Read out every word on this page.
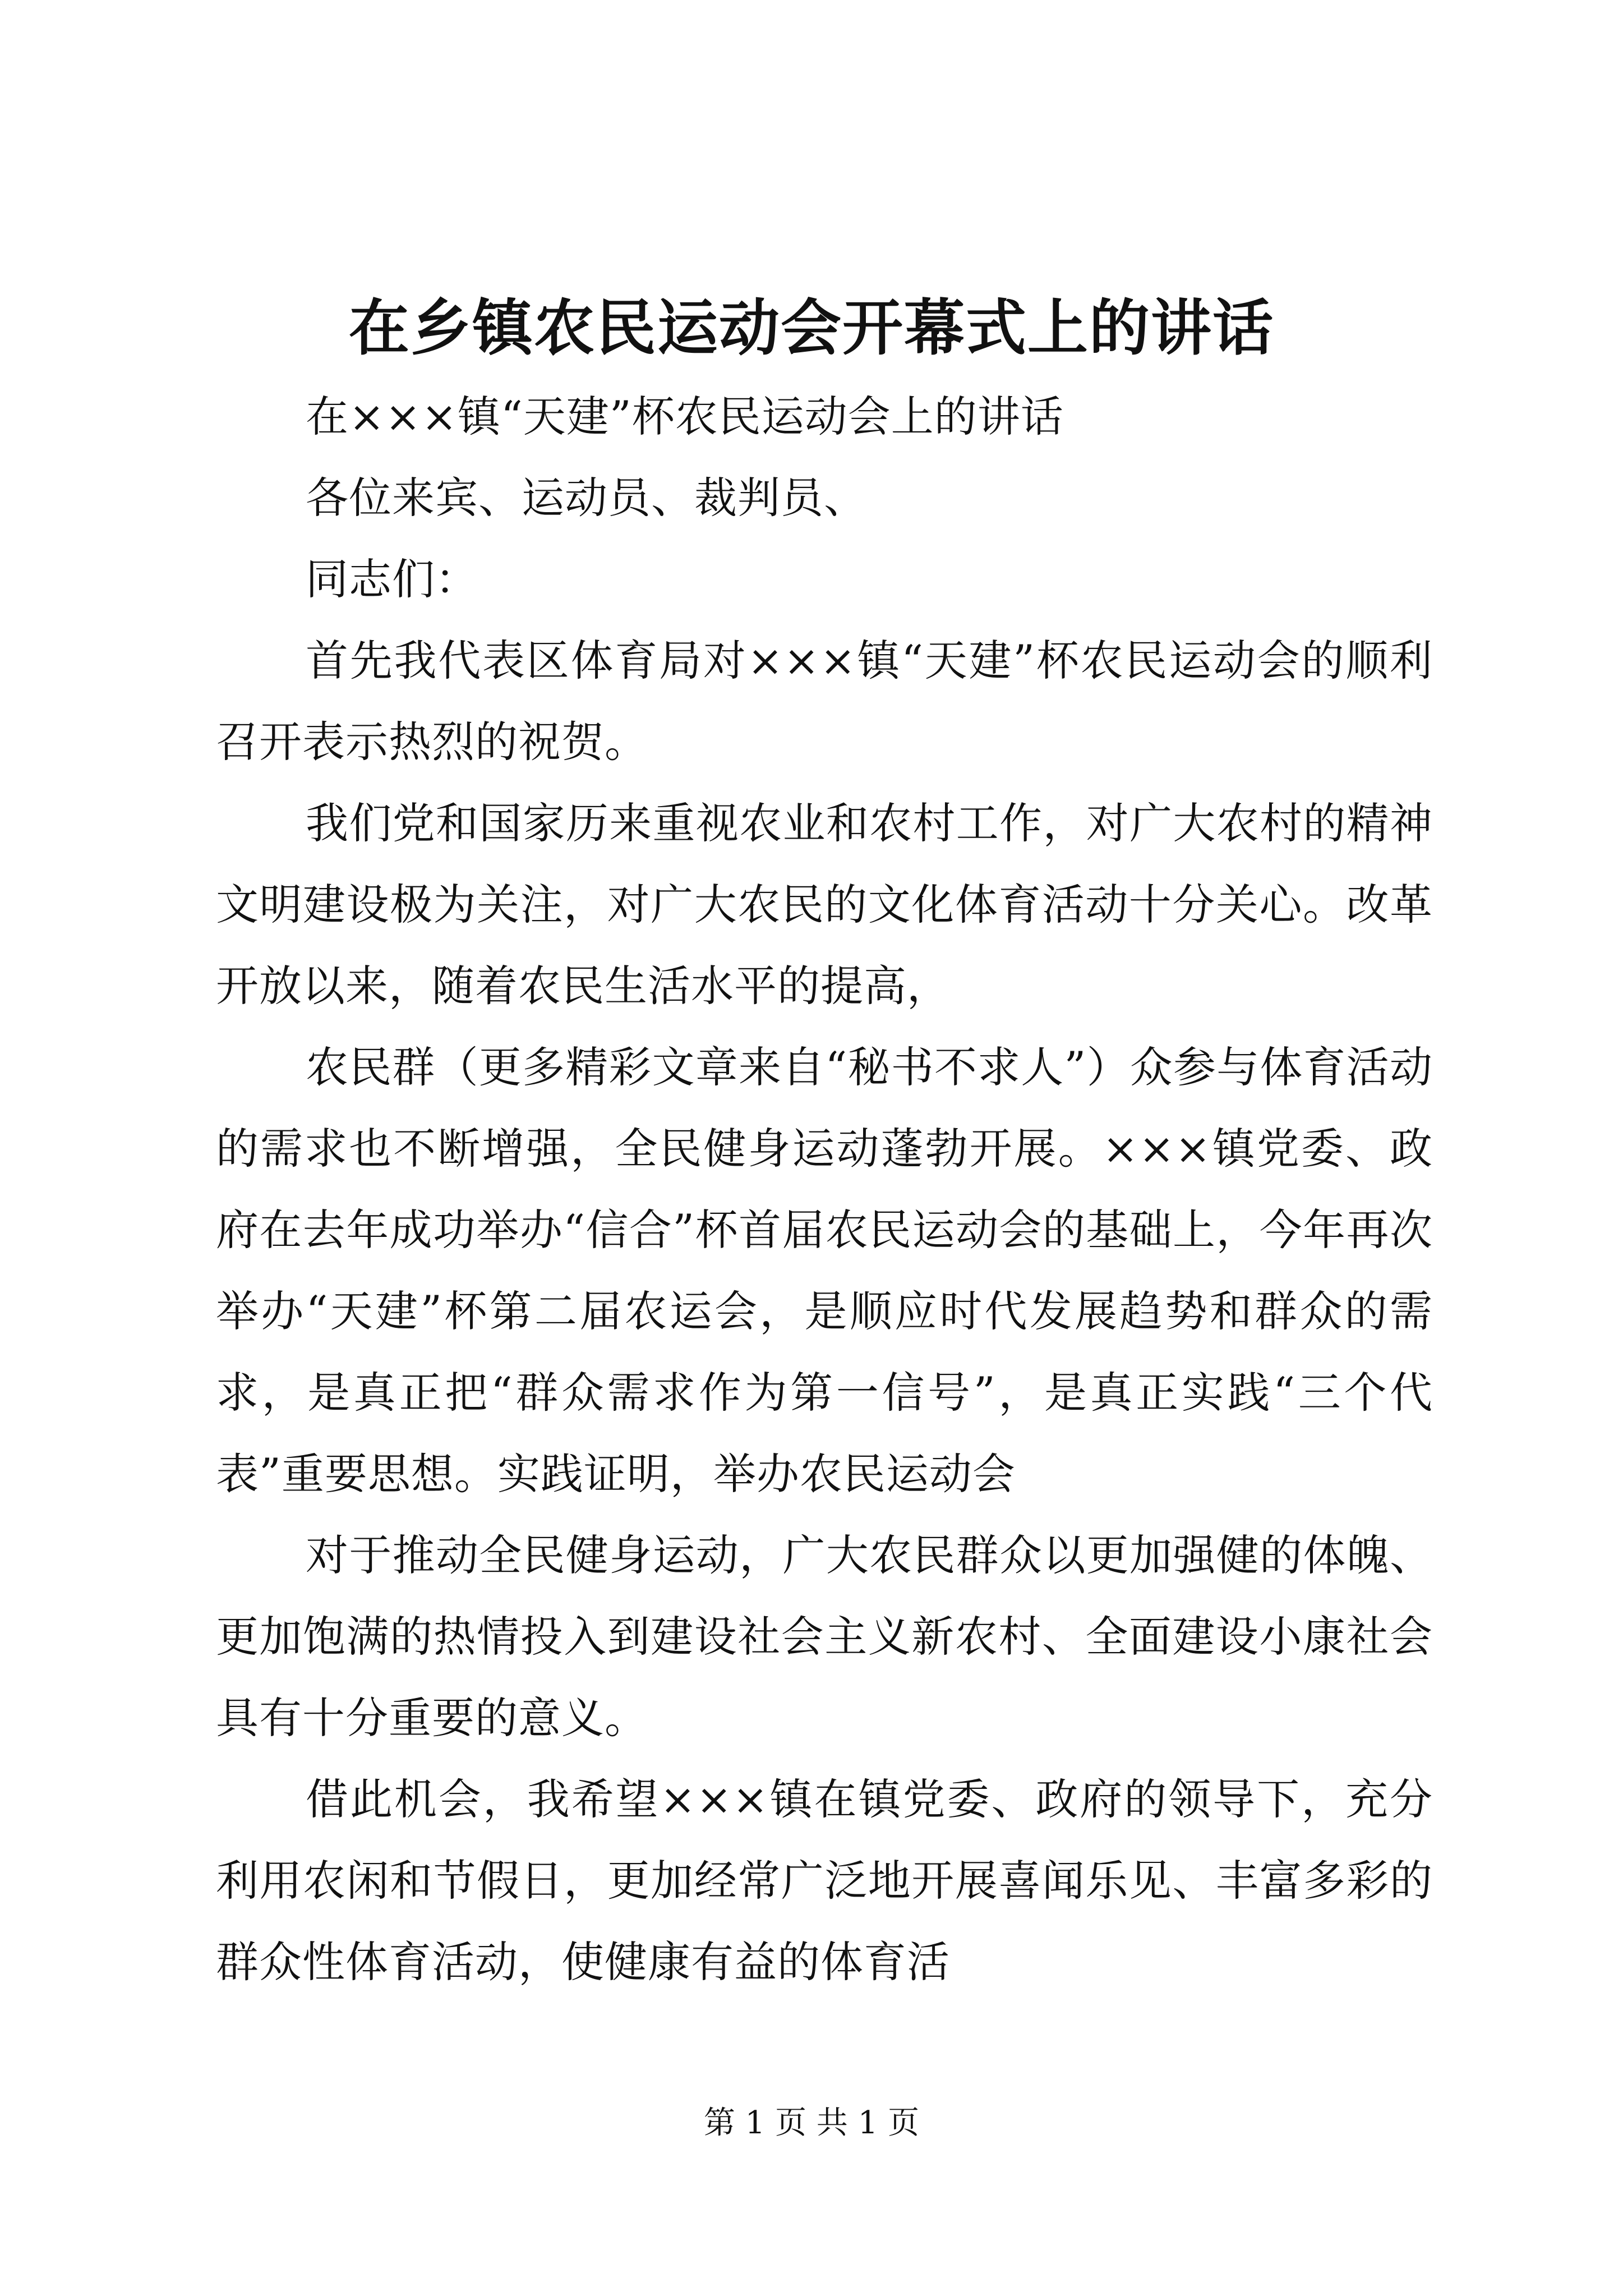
在乡镇农民运动会开幕式上的讲话

在×××镇“天建”杯农民运动会上的讲话

各位来宾、运动员、裁判员、

同志们：

首先我代表区体育局对×××镇“天建”杯农民运动会的顺利召开表示热烈的祝贺。

我们党和国家历来重视农业和农村工作，对广大农村的精神文明建设极为关注，对广大农民的文化体育活动十分关心。改革开放以来，随着农民生活水平的提高，

农民群（更多精彩文章来自“秘书不求人”）众参与体育活动的需求也不断增强，全民健身运动蓬勃开展。×××镇党委、政府在去年成功举办“信合”杯首届农民运动会的基础上，今年再次举办“天建”杯第二届农运会，是顺应时代发展趋势和群众的需求，是真正把“群众需求作为第一信号”，是真正实践“三个代表”重要思想。实践证明，举办农民运动会

对于推动全民健身运动，广大农民群众以更加强健的体魄、更加饱满的热情投入到建设社会主义新农村、全面建设小康社会具有十分重要的意义。

借此机会，我希望×××镇在镇党委、政府的领导下，充分利用农闲和节假日，更加经常广泛地开展喜闻乐见、丰富多彩的群众性体育活动，使健康有益的体育活

第 1 页 共 1 页
